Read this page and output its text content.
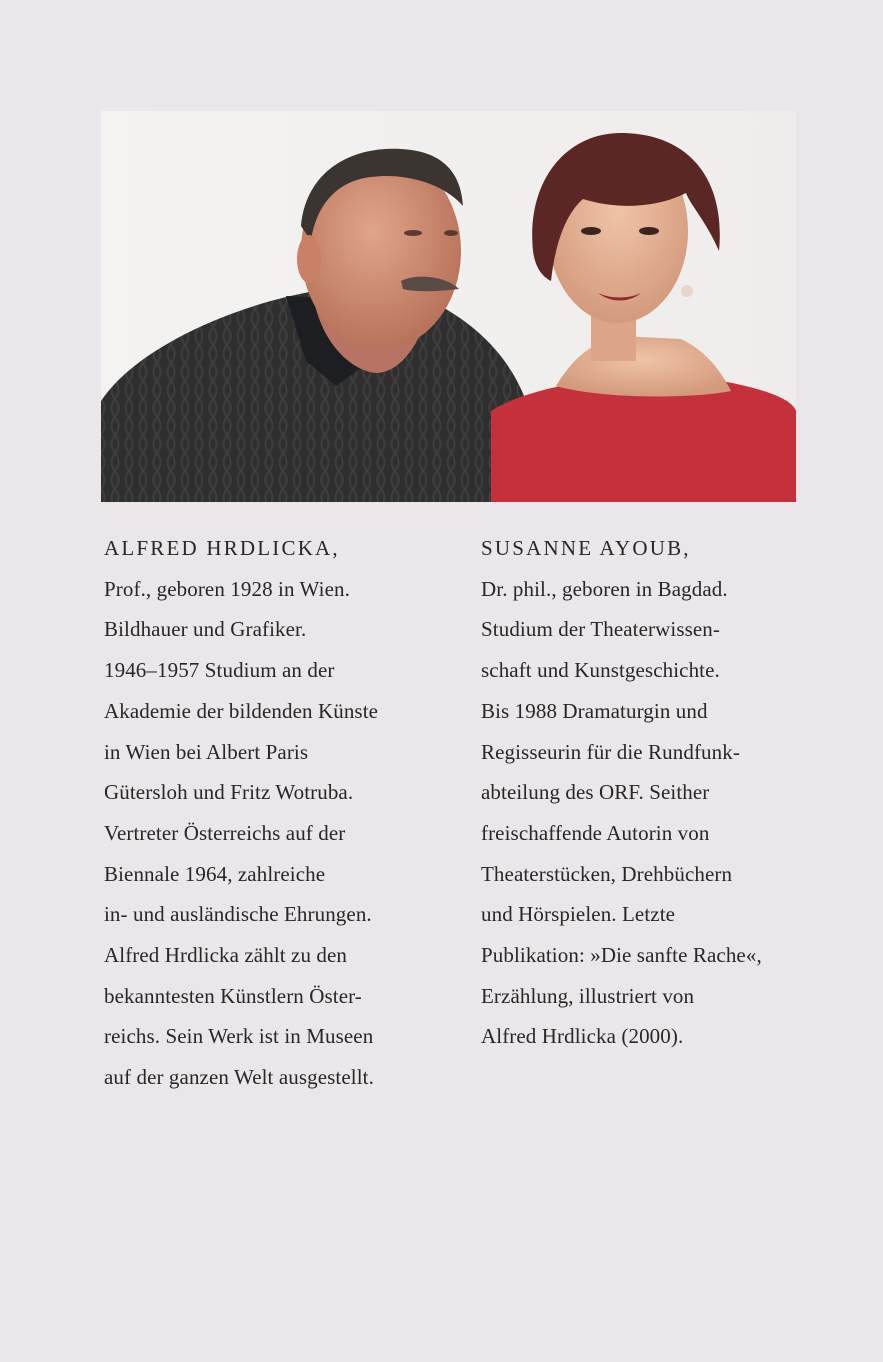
ALFRED HRDLICKA,
Prof., geboren 1928 in Wien.
Bildhauer und Grafiker.
1946–1957 Studium an der
Akademie der bildenden Künste
in Wien bei Albert Paris
Gütersloh und Fritz Wotruba.
Vertreter Österreichs auf der
Biennale 1964, zahlreiche
in- und ausländische Ehrungen.
Alfred Hrdlicka zählt zu den
bekanntesten Künstlern Öster-
reichs. Sein Werk ist in Museen
auf der ganzen Welt ausgestellt.
SUSANNE AYOUB,
Dr. phil., geboren in Bagdad.
Studium der Theaterwissen-
schaft und Kunstgeschichte.
Bis 1988 Dramaturgin und
Regisseurin für die Rundfunk-
abteilung des ORF. Seither
freischaffende Autorin von
Theaterstücken, Drehbüchern
und Hörspielen. Letzte
Publikation: »Die sanfte Rache«,
Erzählung, illustriert von
Alfred Hrdlicka (2000).
